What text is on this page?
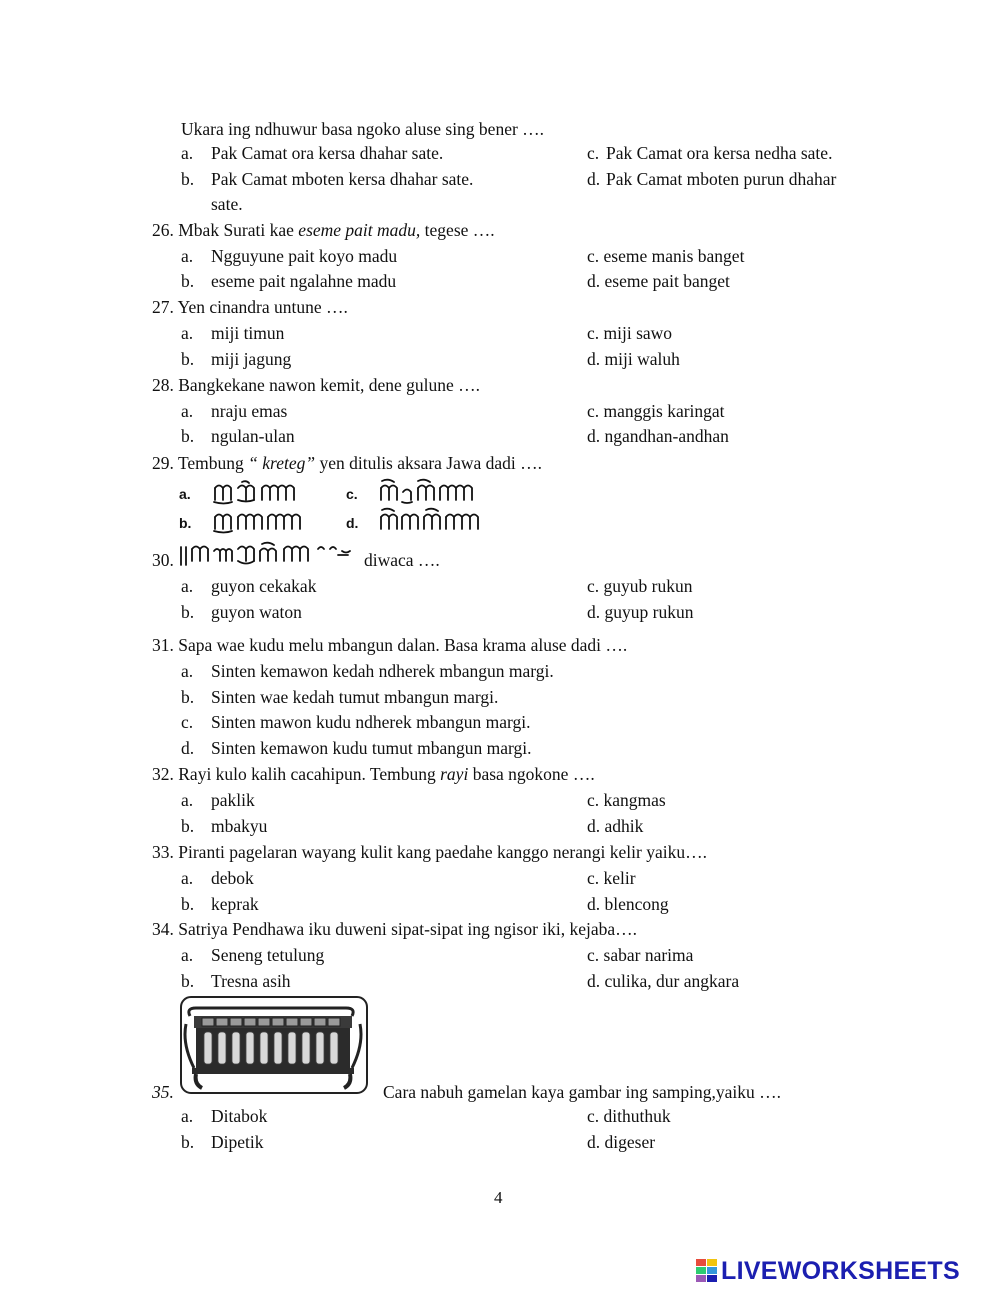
Ukara ing ndhuwur basa ngoko aluse sing bener ….
a. Pak Camat ora kersa dhahar sate.	c. Pak Camat ora kersa nedha sate.
b. Pak Camat mboten kersa dhahar sate.	d. Pak Camat mboten purun dhahar
sate.
26. Mbak Surati kae eseme pait madu, tegese ….
a. Ngguyune pait koyo madu	c. eseme manis banget
b. eseme pait ngalahne madu	d. eseme pait banget
27. Yen cinandra untune ….
a. miji timun	c. miji sawo
b. miji jagung	d. miji waluh
28. Bangkekane nawon kemit, dene gulune ….
a. nraju emas	c. manggis karingat
b. ngulan-ulan	d. ngandhan-andhan
29. Tembung “ kreteg” yen ditulis aksara Jawa dadi ….
a.	c.
b.	d.
30.	diwaca ….
a. guyon cekakak	c. guyub rukun
b. guyon waton	d. guyup rukun
31. Sapa wae kudu melu mbangun dalan. Basa krama aluse dadi ….
a. Sinten kemawon kedah ndherek mbangun margi.
b. Sinten wae kedah tumut mbangun margi.
c. Sinten mawon kudu ndherek mbangun margi.
d. Sinten kemawon kudu tumut mbangun margi.
32. Rayi kulo kalih cacahipun. Tembung rayi basa ngokone ….
a. paklik	c. kangmas
b. mbakyu	d. adhik
33. Piranti pagelaran wayang kulit kang paedahe kanggo nerangi kelir yaiku….
a. debok	c. kelir
b. keprak	d. blencong
34. Satriya Pendhawa iku duweni sipat-sipat ing ngisor iki, kejaba….
a. Seneng tetulung	c. sabar narima
b. Tresna asih	d. culika, dur angkara
35.	Cara nabuh gamelan kaya gambar ing samping,yaiku ….
a. Ditabok	c. dithuthuk
b. Dipetik	d. digeser
4
LIVEWORKSHEETS
